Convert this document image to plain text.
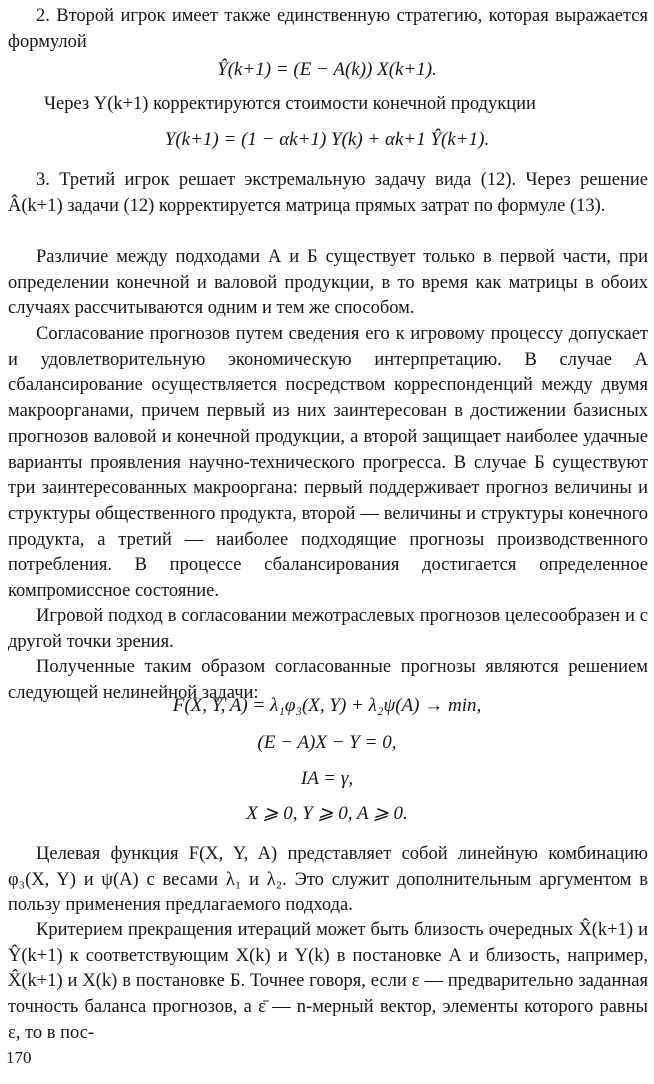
2. Второй игрок имеет также единственную стратегию, которая выражается формулой

Ŷ(k+1) = (E − A(k)) X(k+1).
Через Y(k+1) корректируются стоимости конечной продукции
Y(k+1) = (1 − αk+1) Y(k) + αk+1 Ŷ(k+1).

3. Третий игрок решает экстремальную задачу вида (12). Через решение Â(k+1) задачи (12) корректируется матрица прямых затрат по формуле (13).

Различие между подходами А и Б существует только в первой части, при определении конечной и валовой продукции, в то время как матрицы в обоих случаях рассчитываются одним и тем же способом.

Согласование прогнозов путем сведения его к игровому процессу допускает и удовлетворительную экономическую интерпретацию. В случае А сбалансирование осуществляется посредством корреспонденций между двумя макроорганами, причем первый из них заинтересован в достижении базисных прогнозов валовой и конечной продукции, а второй защищает наиболее удачные варианты проявления научно-технического прогресса. В случае Б существуют три заинтересованных макрооргана: первый поддерживает прогноз величины и структуры общественного продукта, второй — величины и структуры конечного продукта, а третий — наиболее подходящие прогнозы производственного потребления. В процессе сбалансирования достигается определенное компромиссное состояние.

Игровой подход в согласовании межотраслевых прогнозов целесообразен и с другой точки зрения.

Полученные таким образом согласованные прогнозы являются решением следующей нелинейной задачи:

F(X, Y, A) = λ₁φ₃(X, Y) + λ₂ψ(A) → min,
(E − A)X − Y = 0,
IA = γ,
X ⩾ 0, Y ⩾ 0, A ⩾ 0.

Целевая функция F(X, Y, A) представляет собой линейную комбинацию φ₃(X, Y) и ψ(A) с весами λ₁ и λ₂. Это служит дополнительным аргументом в пользу применения предлагаемого подхода.

Критерием прекращения итераций может быть близость очередных X̂(k+1) и Ŷ(k+1) к соответствующим X(k) и Y(k) в постановке А и близость, например, X̂(k+1) и X(k) в постановке Б. Точнее говоря, если ε — предварительно заданная точность баланса прогнозов, а ε̄ — n-мерный вектор, элементы которого равны ε, то в пос-

170
